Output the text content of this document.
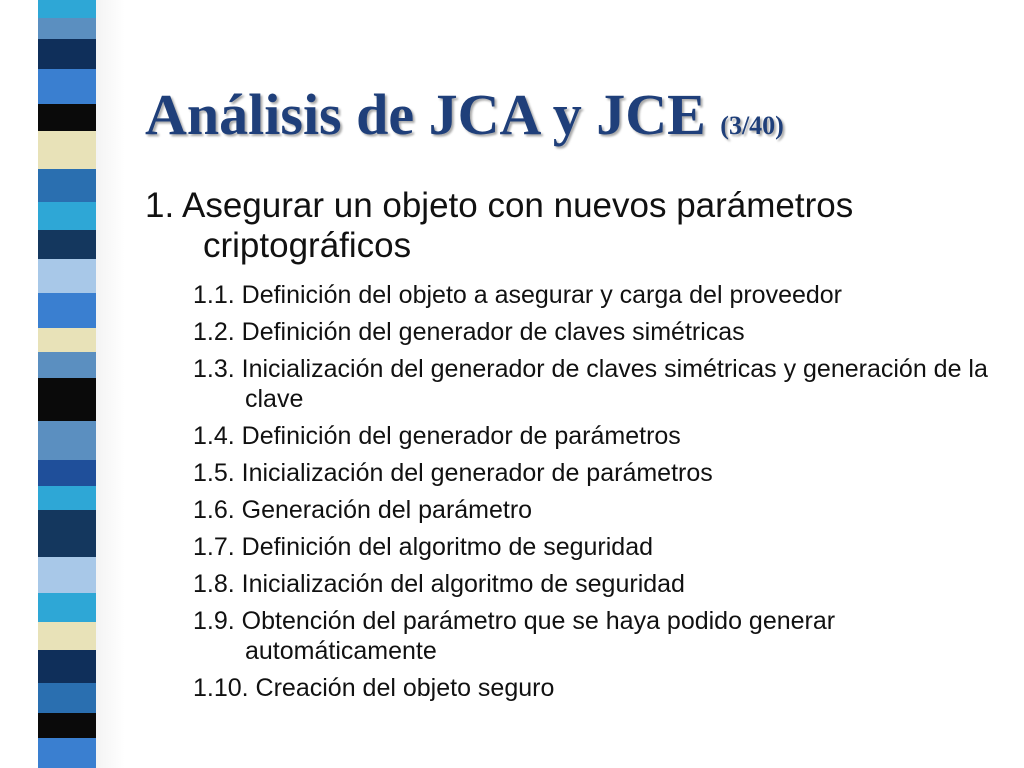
Análisis de JCA y JCE (3/40)
1. Asegurar un objeto con nuevos parámetros criptográficos
1.1. Definición del objeto a asegurar y carga del proveedor
1.2. Definición del generador de claves simétricas
1.3. Inicialización del generador de claves simétricas y generación de la clave
1.4. Definición del generador de parámetros
1.5. Inicialización del generador de parámetros
1.6. Generación del parámetro
1.7. Definición del algoritmo de seguridad
1.8. Inicialización del algoritmo de seguridad
1.9. Obtención del parámetro que se haya podido generar automáticamente
1.10. Creación del objeto seguro
